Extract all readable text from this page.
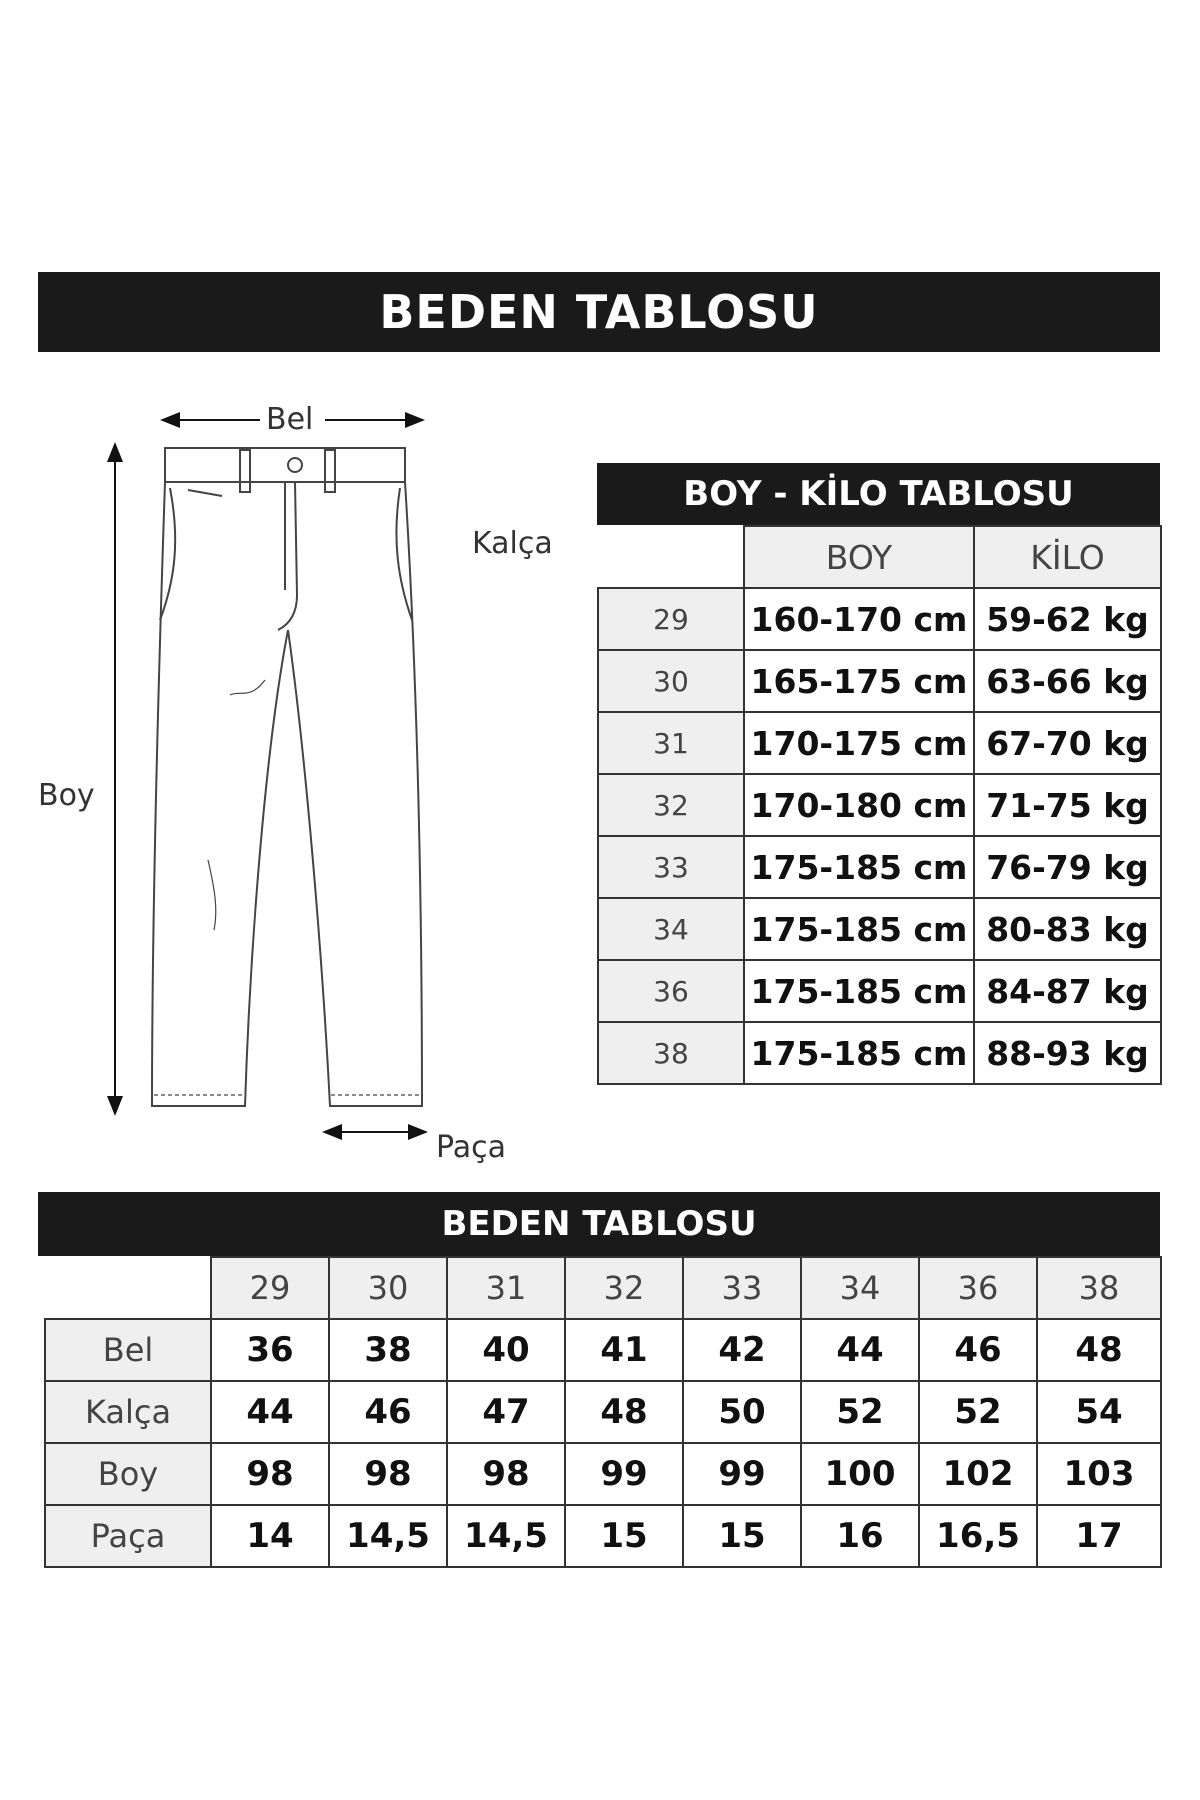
BEDEN TABLOSU
Bel
Kalça
Boy
Paça
BOY - KİLO TABLOSU
	BOY	KİLO
29	160-170 cm	59-62 kg
30	165-175 cm	63-66 kg
31	170-175 cm	67-70 kg
32	170-180 cm	71-75 kg
33	175-185 cm	76-79 kg
34	175-185 cm	80-83 kg
36	175-185 cm	84-87 kg
38	175-185 cm	88-93 kg
BEDEN TABLOSU
	29	30	31	32	33	34	36	38
Bel	36	38	40	41	42	44	46	48
Kalça	44	46	47	48	50	52	52	54
Boy	98	98	98	99	99	100	102	103
Paça	14	14,5	14,5	15	15	16	16,5	17
